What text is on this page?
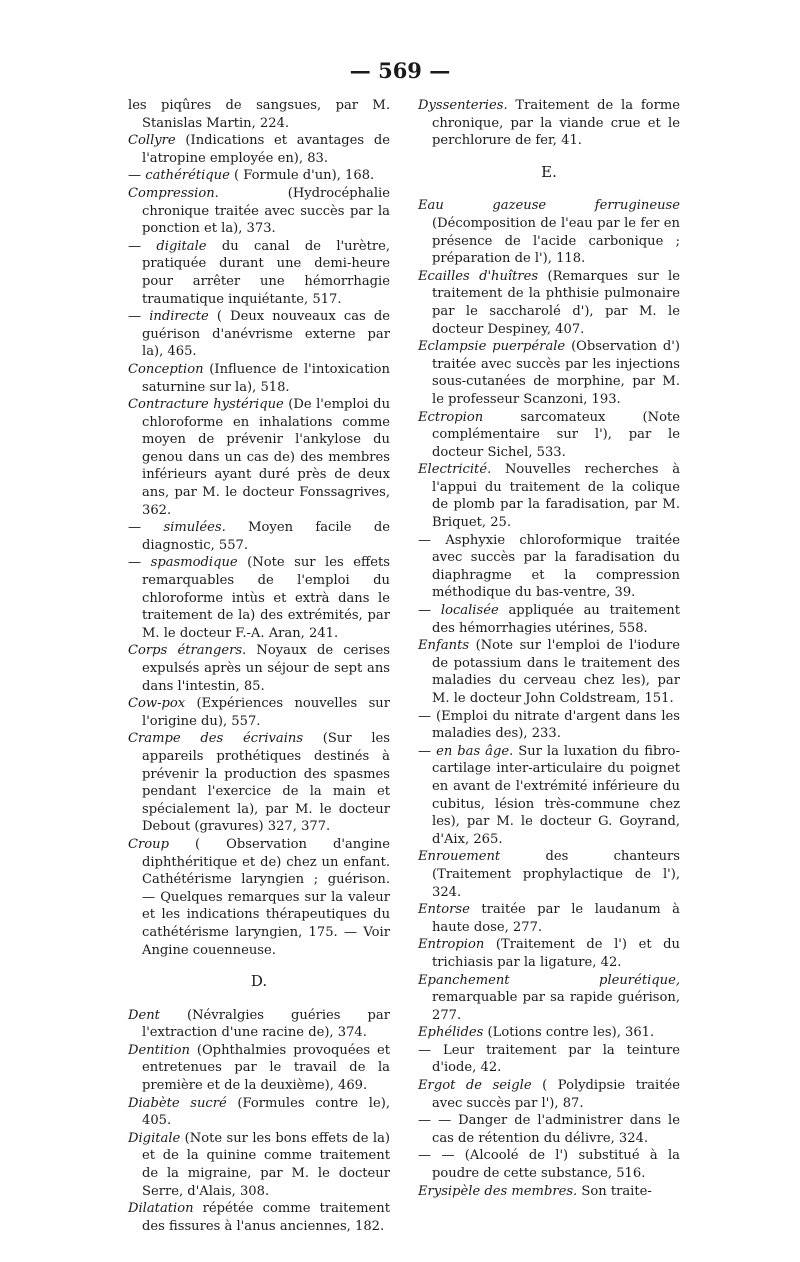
— 569 —

les piqûres de sangsues, par M. Stanislas Martin, 224.

Collyre (Indications et avantages de l'atropine employée en), 83.

— cathérétique ( Formule d'un), 168.

Compression. (Hydrocéphalie chronique traitée avec succès par la ponction et la), 373.

— digitale du canal de l'urètre, pratiquée durant une demi-heure pour arrêter une hémorrhagie traumatique inquiétante, 517.

— indirecte ( Deux nouveaux cas de guérison d'anévrisme externe par la), 465.

Conception (Influence de l'intoxication saturnine sur la), 518.

Contracture hystérique (De l'emploi du chloroforme en inhalations comme moyen de prévenir l'ankylose du genou dans un cas de) des membres inférieurs ayant duré près de deux ans, par M. le docteur Fonssagrives, 362.

— simulées. Moyen facile de diagnostic, 557.

— spasmodique (Note sur les effets remarquables de l'emploi du chloroforme intùs et extrà dans le traitement de la) des extrémités, par M. le docteur F.-A. Aran, 241.

Corps étrangers. Noyaux de cerises expulsés après un séjour de sept ans dans l'intestin, 85.

Cow-pox (Expériences nouvelles sur l'origine du), 557.

Crampe des écrivains (Sur les appareils prothétiques destinés à prévenir la production des spasmes pendant l'exercice de la main et spécialement la), par M. le docteur Debout (gravures) 327, 377.

Croup ( Observation d'angine diphthéritique et de) chez un enfant. Cathétérisme laryngien ; guérison. — Quelques remarques sur la valeur et les indications thérapeutiques du cathétérisme laryngien, 175. — Voir Angine couenneuse.

D.

Dent (Névralgies guéries par l'extraction d'une racine de), 374.

Dentition (Ophthalmies provoquées et entretenues par le travail de la première et de la deuxième), 469.

Diabète sucré (Formules contre le), 405.

Digitale (Note sur les bons effets de la) et de la quinine comme traitement de la migraine, par M. le docteur Serre, d'Alais, 308.

Dilatation répétée comme traitement des fissures à l'anus anciennes, 182.

Dyssenteries. Traitement de la forme chronique, par la viande crue et le perchlorure de fer, 41.

E.

Eau gazeuse ferrugineuse (Décomposition de l'eau par le fer en présence de l'acide carbonique ; préparation de l'), 118.

Ecailles d'huîtres (Remarques sur le traitement de la phthisie pulmonaire par le saccharolé d'), par M. le docteur Despiney, 407.

Eclampsie puerpérale (Observation d') traitée avec succès par les injections sous-cutanées de morphine, par M. le professeur Scanzoni, 193.

Ectropion sarcomateux (Note complémentaire sur l'), par le docteur Sichel, 533.

Electricité. Nouvelles recherches à l'appui du traitement de la colique de plomb par la faradisation, par M. Briquet, 25.

— Asphyxie chloroformique traitée avec succès par la faradisation du diaphragme et la compression méthodique du bas-ventre, 39.

— localisée appliquée au traitement des hémorrhagies utérines, 558.

Enfants (Note sur l'emploi de l'iodure de potassium dans le traitement des maladies du cerveau chez les), par M. le docteur John Coldstream, 151.

— (Emploi du nitrate d'argent dans les maladies des), 233.

— en bas âge. Sur la luxation du fibro-cartilage inter-articulaire du poignet en avant de l'extrémité inférieure du cubitus, lésion très-commune chez les), par M. le docteur G. Goyrand, d'Aix, 265.

Enrouement des chanteurs (Traitement prophylactique de l'), 324.

Entorse traitée par le laudanum à haute dose, 277.

Entropion (Traitement de l') et du trichiasis par la ligature, 42.

Epanchement pleurétique, remarquable par sa rapide guérison, 277.

Ephélides (Lotions contre les), 361.

— Leur traitement par la teinture d'iode, 42.

Ergot de seigle ( Polydipsie traitée avec succès par l'), 87.

— — Danger de l'administrer dans le cas de rétention du délivre, 324.

— — (Alcoolé de l') substitué à la poudre de cette substance, 516.

Erysipèle des membres. Son traite-
